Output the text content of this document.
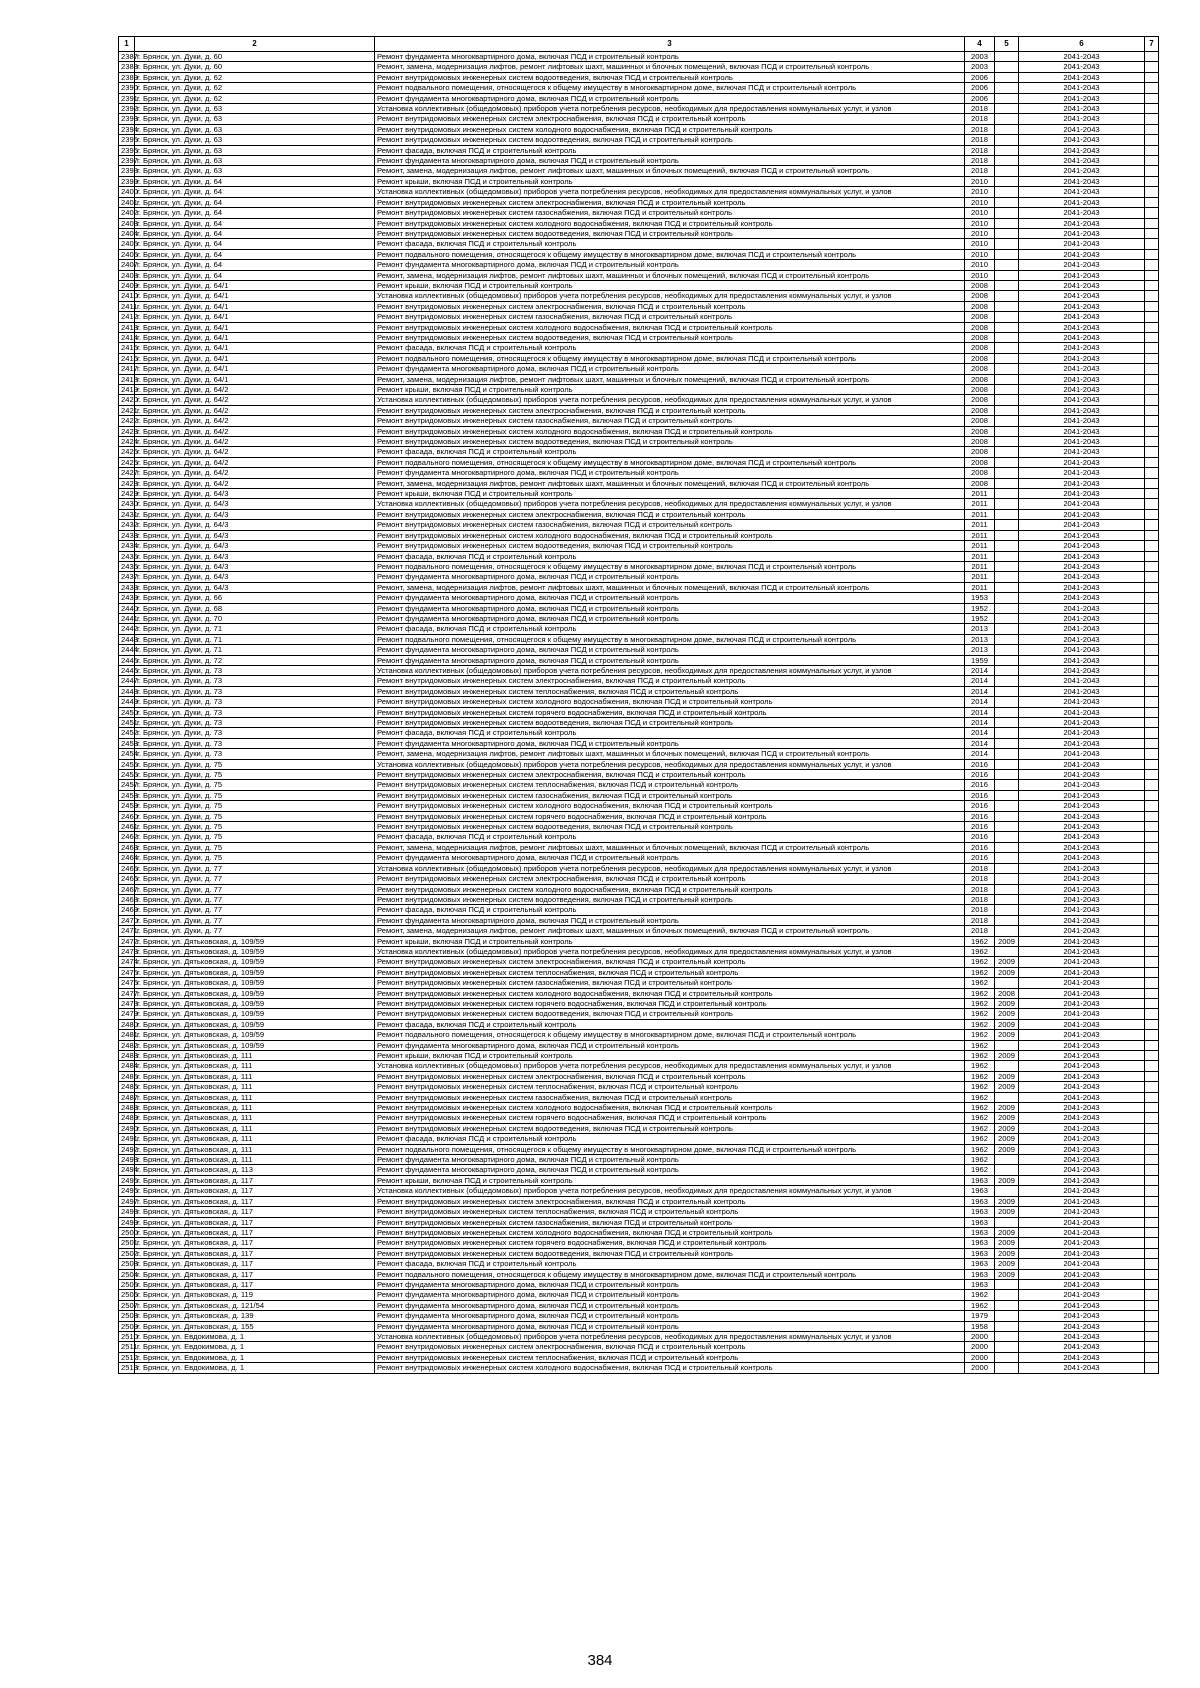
1	2	3	4	5	6	7
2387	г. Брянск, ул. Дуки, д. 60	Ремонт фундамента многоквартирного дома, включая ПСД и строительный контроль	2003		2041-2043	
2388	г. Брянск, ул. Дуки, д. 60	Ремонт, замена, модернизация лифтов, ремонт лифтовых шахт, машинных и блочных помещений, включая ПСД и строительный контроль	2003		2041-2043	
2389	г. Брянск, ул. Дуки, д. 62	Ремонт внутридомовых инженерных систем водоотведения, включая ПСД и строительный контроль	2006		2041-2043	
2390	г. Брянск, ул. Дуки, д. 62	Ремонт подвального помещения, относящегося к общему имуществу в многоквартирном доме, включая ПСД и строительный контроль	2006		2041-2043	
2391	г. Брянск, ул. Дуки, д. 62	Ремонт фундамента многоквартирного дома, включая ПСД и строительный контроль	2006		2041-2043	
2392	г. Брянск, ул. Дуки, д. 63	Установка коллективных (общедомовых) приборов учета потребления ресурсов, необходимых для предоставления коммунальных услуг, и узлов	2018		2041-2043	
2393	г. Брянск, ул. Дуки, д. 63	Ремонт внутридомовых инженерных систем электроснабжения, включая ПСД и строительный контроль	2018		2041-2043	
2394	г. Брянск, ул. Дуки, д. 63	Ремонт внутридомовых инженерных систем холодного водоснабжения, включая ПСД и строительный контроль	2018		2041-2043	
2395	г. Брянск, ул. Дуки, д. 63	Ремонт внутридомовых инженерных систем водоотведения, включая ПСД и строительный контроль	2018		2041-2043	
2396	г. Брянск, ул. Дуки, д. 63	Ремонт фасада, включая ПСД и строительный контроль	2018		2041-2043	
2397	г. Брянск, ул. Дуки, д. 63	Ремонт фундамента многоквартирного дома, включая ПСД и строительный контроль	2018		2041-2043	
2398	г. Брянск, ул. Дуки, д. 63	Ремонт, замена, модернизация лифтов, ремонт лифтовых шахт, машинных и блочных помещений, включая ПСД и строительный контроль	2018		2041-2043	
2399	г. Брянск, ул. Дуки, д. 64	Ремонт крыши, включая ПСД и строительный контроль	2010		2041-2043	
2400	г. Брянск, ул. Дуки, д. 64	Установка коллективных (общедомовых) приборов учета потребления ресурсов, необходимых для предоставления коммунальных услуг, и узлов	2010		2041-2043	
2401	г. Брянск, ул. Дуки, д. 64	Ремонт внутридомовых инженерных систем электроснабжения, включая ПСД и строительный контроль	2010		2041-2043	
2402	г. Брянск, ул. Дуки, д. 64	Ремонт внутридомовых инженерных систем газоснабжения, включая ПСД и строительный контроль	2010		2041-2043	
2403	г. Брянск, ул. Дуки, д. 64	Ремонт внутридомовых инженерных систем холодного водоснабжения, включая ПСД и строительный контроль	2010		2041-2043	
2404	г. Брянск, ул. Дуки, д. 64	Ремонт внутридомовых инженерных систем водоотведения, включая ПСД и строительный контроль	2010		2041-2043	
2405	г. Брянск, ул. Дуки, д. 64	Ремонт фасада, включая ПСД и строительный контроль	2010		2041-2043	
2406	г. Брянск, ул. Дуки, д. 64	Ремонт подвального помещения, относящегося к общему имуществу в многоквартирном доме, включая ПСД и строительный контроль	2010		2041-2043	
2407	г. Брянск, ул. Дуки, д. 64	Ремонт фундамента многоквартирного дома, включая ПСД и строительный контроль	2010		2041-2043	
2408	г. Брянск, ул. Дуки, д. 64	Ремонт, замена, модернизация лифтов, ремонт лифтовых шахт, машинных и блочных помещений, включая ПСД и строительный контроль	2010		2041-2043	
2409	г. Брянск, ул. Дуки, д. 64/1	Ремонт крыши, включая ПСД и строительный контроль	2008		2041-2043	
2410	г. Брянск, ул. Дуки, д. 64/1	Установка коллективных (общедомовых) приборов учета потребления ресурсов, необходимых для предоставления коммунальных услуг, и узлов	2008		2041-2043	
2411	г. Брянск, ул. Дуки, д. 64/1	Ремонт внутридомовых инженерных систем электроснабжения, включая ПСД и строительный контроль	2008		2041-2043	
2412	г. Брянск, ул. Дуки, д. 64/1	Ремонт внутридомовых инженерных систем газоснабжения, включая ПСД и строительный контроль	2008		2041-2043	
2413	г. Брянск, ул. Дуки, д. 64/1	Ремонт внутридомовых инженерных систем холодного водоснабжения, включая ПСД и строительный контроль	2008		2041-2043	
2414	г. Брянск, ул. Дуки, д. 64/1	Ремонт внутридомовых инженерных систем водоотведения, включая ПСД и строительный контроль	2008		2041-2043	
2415	г. Брянск, ул. Дуки, д. 64/1	Ремонт фасада, включая ПСД и строительный контроль	2008		2041-2043	
2416	г. Брянск, ул. Дуки, д. 64/1	Ремонт подвального помещения, относящегося к общему имуществу в многоквартирном доме, включая ПСД и строительный контроль	2008		2041-2043	
2417	г. Брянск, ул. Дуки, д. 64/1	Ремонт фундамента многоквартирного дома, включая ПСД и строительный контроль	2008		2041-2043	
2418	г. Брянск, ул. Дуки, д. 64/1	Ремонт, замена, модернизация лифтов, ремонт лифтовых шахт, машинных и блочных помещений, включая ПСД и строительный контроль	2008		2041-2043	
2419	г. Брянск, ул. Дуки, д. 64/2	Ремонт крыши, включая ПСД и строительный контроль	2008		2041-2043	
2420	г. Брянск, ул. Дуки, д. 64/2	Установка коллективных (общедомовых) приборов учета потребления ресурсов, необходимых для предоставления коммунальных услуг, и узлов	2008		2041-2043	
2421	г. Брянск, ул. Дуки, д. 64/2	Ремонт внутридомовых инженерных систем электроснабжения, включая ПСД и строительный контроль	2008		2041-2043	
2422	г. Брянск, ул. Дуки, д. 64/2	Ремонт внутридомовых инженерных систем газоснабжения, включая ПСД и строительный контроль	2008		2041-2043	
2423	г. Брянск, ул. Дуки, д. 64/2	Ремонт внутридомовых инженерных систем холодного водоснабжения, включая ПСД и строительный контроль	2008		2041-2043	
2424	г. Брянск, ул. Дуки, д. 64/2	Ремонт внутридомовых инженерных систем водоотведения, включая ПСД и строительный контроль	2008		2041-2043	
2425	г. Брянск, ул. Дуки, д. 64/2	Ремонт фасада, включая ПСД и строительный контроль	2008		2041-2043	
2426	г. Брянск, ул. Дуки, д. 64/2	Ремонт подвального помещения, относящегося к общему имуществу в многоквартирном доме, включая ПСД и строительный контроль	2008		2041-2043	
2427	г. Брянск, ул. Дуки, д. 64/2	Ремонт фундамента многоквартирного дома, включая ПСД и строительный контроль	2008		2041-2043	
2428	г. Брянск, ул. Дуки, д. 64/2	Ремонт, замена, модернизация лифтов, ремонт лифтовых шахт, машинных и блочных помещений, включая ПСД и строительный контроль	2008		2041-2043	
2429	г. Брянск, ул. Дуки, д. 64/3	Ремонт крыши, включая ПСД и строительный контроль	2011		2041-2043	
2430	г. Брянск, ул. Дуки, д. 64/3	Установка коллективных (общедомовых) приборов учета потребления ресурсов, необходимых для предоставления коммунальных услуг, и узлов	2011		2041-2043	
2431	г. Брянск, ул. Дуки, д. 64/3	Ремонт внутридомовых инженерных систем электроснабжения, включая ПСД и строительный контроль	2011		2041-2043	
2432	г. Брянск, ул. Дуки, д. 64/3	Ремонт внутридомовых инженерных систем газоснабжения, включая ПСД и строительный контроль	2011		2041-2043	
2433	г. Брянск, ул. Дуки, д. 64/3	Ремонт внутридомовых инженерных систем холодного водоснабжения, включая ПСД и строительный контроль	2011		2041-2043	
2434	г. Брянск, ул. Дуки, д. 64/3	Ремонт внутридомовых инженерных систем водоотведения, включая ПСД и строительный контроль	2011		2041-2043	
2435	г. Брянск, ул. Дуки, д. 64/3	Ремонт фасада, включая ПСД и строительный контроль	2011		2041-2043	
2436	г. Брянск, ул. Дуки, д. 64/3	Ремонт подвального помещения, относящегося к общему имуществу в многоквартирном доме, включая ПСД и строительный контроль	2011		2041-2043	
2437	г. Брянск, ул. Дуки, д. 64/3	Ремонт фундамента многоквартирного дома, включая ПСД и строительный контроль	2011		2041-2043	
2438	г. Брянск, ул. Дуки, д. 64/3	Ремонт, замена, модернизация лифтов, ремонт лифтовых шахт, машинных и блочных помещений, включая ПСД и строительный контроль	2011		2041-2043	
2439	г. Брянск, ул. Дуки, д. 66	Ремонт фундамента многоквартирного дома, включая ПСД и строительный контроль	1953		2041-2043	
2440	г. Брянск, ул. Дуки, д. 68	Ремонт фундамента многоквартирного дома, включая ПСД и строительный контроль	1952		2041-2043	
2441	г. Брянск, ул. Дуки, д. 70	Ремонт фундамента многоквартирного дома, включая ПСД и строительный контроль	1952		2041-2043	
2442	г. Брянск, ул. Дуки, д. 71	Ремонт фасада, включая ПСД и строительный контроль	2013		2041-2043	
2443	г. Брянск, ул. Дуки, д. 71	Ремонт подвального помещения, относящегося к общему имуществу в многоквартирном доме, включая ПСД и строительный контроль	2013		2041-2043	
2444	г. Брянск, ул. Дуки, д. 71	Ремонт фундамента многоквартирного дома, включая ПСД и строительный контроль	2013		2041-2043	
2445	г. Брянск, ул. Дуки, д. 72	Ремонт фундамента многоквартирного дома, включая ПСД и строительный контроль	1959		2041-2043	
2446	г. Брянск, ул. Дуки, д. 73	Установка коллективных (общедомовых) приборов учета потребления ресурсов, необходимых для предоставления коммунальных услуг, и узлов	2014		2041-2043	
2447	г. Брянск, ул. Дуки, д. 73	Ремонт внутридомовых инженерных систем электроснабжения, включая ПСД и строительный контроль	2014		2041-2043	
2448	г. Брянск, ул. Дуки, д. 73	Ремонт внутридомовых инженерных систем теплоснабжения, включая ПСД и строительный контроль	2014		2041-2043	
2449	г. Брянск, ул. Дуки, д. 73	Ремонт внутридомовых инженерных систем холодного водоснабжения, включая ПСД и строительный контроль	2014		2041-2043	
2450	г. Брянск, ул. Дуки, д. 73	Ремонт внутридомовых инженерных систем горячего водоснабжения, включая ПСД и строительный контроль	2014		2041-2043	
2451	г. Брянск, ул. Дуки, д. 73	Ремонт внутридомовых инженерных систем водоотведения, включая ПСД и строительный контроль	2014		2041-2043	
2452	г. Брянск, ул. Дуки, д. 73	Ремонт фасада, включая ПСД и строительный контроль	2014		2041-2043	
2453	г. Брянск, ул. Дуки, д. 73	Ремонт фундамента многоквартирного дома, включая ПСД и строительный контроль	2014		2041-2043	
2454	г. Брянск, ул. Дуки, д. 73	Ремонт, замена, модернизация лифтов, ремонт лифтовых шахт, машинных и блочных помещений, включая ПСД и строительный контроль	2014		2041-2043	
2455	г. Брянск, ул. Дуки, д. 75	Установка коллективных (общедомовых) приборов учета потребления ресурсов, необходимых для предоставления коммунальных услуг, и узлов	2016		2041-2043	
2456	г. Брянск, ул. Дуки, д. 75	Ремонт внутридомовых инженерных систем электроснабжения, включая ПСД и строительный контроль	2016		2041-2043	
2457	г. Брянск, ул. Дуки, д. 75	Ремонт внутридомовых инженерных систем теплоснабжения, включая ПСД и строительный контроль	2016		2041-2043	
2458	г. Брянск, ул. Дуки, д. 75	Ремонт внутридомовых инженерных систем газоснабжения, включая ПСД и строительный контроль	2016		2041-2043	
2459	г. Брянск, ул. Дуки, д. 75	Ремонт внутридомовых инженерных систем холодного водоснабжения, включая ПСД и строительный контроль	2016		2041-2043	
2460	г. Брянск, ул. Дуки, д. 75	Ремонт внутридомовых инженерных систем горячего водоснабжения, включая ПСД и строительный контроль	2016		2041-2043	
2461	г. Брянск, ул. Дуки, д. 75	Ремонт внутридомовых инженерных систем водоотведения, включая ПСД и строительный контроль	2016		2041-2043	
2462	г. Брянск, ул. Дуки, д. 75	Ремонт фасада, включая ПСД и строительный контроль	2016		2041-2043	
2463	г. Брянск, ул. Дуки, д. 75	Ремонт, замена, модернизация лифтов, ремонт лифтовых шахт, машинных и блочных помещений, включая ПСД и строительный контроль	2016		2041-2043	
2464	г. Брянск, ул. Дуки, д. 75	Ремонт фундамента многоквартирного дома, включая ПСД и строительный контроль	2016		2041-2043	
2465	г. Брянск, ул. Дуки, д. 77	Установка коллективных (общедомовых) приборов учета потребления ресурсов, необходимых для предоставления коммунальных услуг, и узлов	2018		2041-2043	
2466	г. Брянск, ул. Дуки, д. 77	Ремонт внутридомовых инженерных систем электроснабжения, включая ПСД и строительный контроль	2018		2041-2043	
2467	г. Брянск, ул. Дуки, д. 77	Ремонт внутридомовых инженерных систем холодного водоснабжения, включая ПСД и строительный контроль	2018		2041-2043	
2468	г. Брянск, ул. Дуки, д. 77	Ремонт внутридомовых инженерных систем водоотведения, включая ПСД и строительный контроль	2018		2041-2043	
2469	г. Брянск, ул. Дуки, д. 77	Ремонт фасада, включая ПСД и строительный контроль	2018		2041-2043	
2470	г. Брянск, ул. Дуки, д. 77	Ремонт фундамента многоквартирного дома, включая ПСД и строительный контроль	2018		2041-2043	
2471	г. Брянск, ул. Дуки, д. 77	Ремонт, замена, модернизация лифтов, ремонт лифтовых шахт, машинных и блочных помещений, включая ПСД и строительный контроль	2018		2041-2043	
2472	г. Брянск, ул. Дятьковская, д. 109/59	Ремонт крыши, включая ПСД и строительный контроль	1962	2009	2041-2043	
2473	г. Брянск, ул. Дятьковская, д. 109/59	Установка коллективных (общедомовых) приборов учета потребления ресурсов, необходимых для предоставления коммунальных услуг, и узлов	1962		2041-2043	
2474	г. Брянск, ул. Дятьковская, д. 109/59	Ремонт внутридомовых инженерных систем электроснабжения, включая ПСД и строительный контроль	1962	2009	2041-2043	
2475	г. Брянск, ул. Дятьковская, д. 109/59	Ремонт внутридомовых инженерных систем теплоснабжения, включая ПСД и строительный контроль	1962	2009	2041-2043	
2476	г. Брянск, ул. Дятьковская, д. 109/59	Ремонт внутридомовых инженерных систем газоснабжения, включая ПСД и строительный контроль	1962		2041-2043	
2477	г. Брянск, ул. Дятьковская, д. 109/59	Ремонт внутридомовых инженерных систем холодного водоснабжения, включая ПСД и строительный контроль	1962	2008	2041-2043	
2478	г. Брянск, ул. Дятьковская, д. 109/59	Ремонт внутридомовых инженерных систем горячего водоснабжения, включая ПСД и строительный контроль	1962	2009	2041-2043	
2479	г. Брянск, ул. Дятьковская, д. 109/59	Ремонт внутридомовых инженерных систем водоотведения, включая ПСД и строительный контроль	1962	2009	2041-2043	
2480	г. Брянск, ул. Дятьковская, д. 109/59	Ремонт фасада, включая ПСД и строительный контроль	1962	2009	2041-2043	
2481	г. Брянск, ул. Дятьковская, д. 109/59	Ремонт подвального помещения, относящегося к общему имуществу в многоквартирном доме, включая ПСД и строительный контроль	1962	2009	2041-2043	
2482	г. Брянск, ул. Дятьковская, д. 109/59	Ремонт фундамента многоквартирного дома, включая ПСД и строительный контроль	1962		2041-2043	
2483	г. Брянск, ул. Дятьковская, д. 111	Ремонт крыши, включая ПСД и строительный контроль	1962	2009	2041-2043	
2484	г. Брянск, ул. Дятьковская, д. 111	Установка коллективных (общедомовых) приборов учета потребления ресурсов, необходимых для предоставления коммунальных услуг, и узлов	1962		2041-2043	
2485	г. Брянск, ул. Дятьковская, д. 111	Ремонт внутридомовых инженерных систем электроснабжения, включая ПСД и строительный контроль	1962	2009	2041-2043	
2486	г. Брянск, ул. Дятьковская, д. 111	Ремонт внутридомовых инженерных систем теплоснабжения, включая ПСД и строительный контроль	1962	2009	2041-2043	
2487	г. Брянск, ул. Дятьковская, д. 111	Ремонт внутридомовых инженерных систем газоснабжения, включая ПСД и строительный контроль	1962		2041-2043	
2488	г. Брянск, ул. Дятьковская, д. 111	Ремонт внутридомовых инженерных систем холодного водоснабжения, включая ПСД и строительный контроль	1962	2009	2041-2043	
2489	г. Брянск, ул. Дятьковская, д. 111	Ремонт внутридомовых инженерных систем горячего водоснабжения, включая ПСД и строительный контроль	1962	2009	2041-2043	
2490	г. Брянск, ул. Дятьковская, д. 111	Ремонт внутридомовых инженерных систем водоотведения, включая ПСД и строительный контроль	1962	2009	2041-2043	
2491	г. Брянск, ул. Дятьковская, д. 111	Ремонт фасада, включая ПСД и строительный контроль	1962	2009	2041-2043	
2492	г. Брянск, ул. Дятьковская, д. 111	Ремонт подвального помещения, относящегося к общему имуществу в многоквартирном доме, включая ПСД и строительный контроль	1962	2009	2041-2043	
2493	г. Брянск, ул. Дятьковская, д. 111	Ремонт фундамента многоквартирного дома, включая ПСД и строительный контроль	1962		2041-2043	
2494	г. Брянск, ул. Дятьковская, д. 113	Ремонт фундамента многоквартирного дома, включая ПСД и строительный контроль	1962		2041-2043	
2495	г. Брянск, ул. Дятьковская, д. 117	Ремонт крыши, включая ПСД и строительный контроль	1963	2009	2041-2043	
2496	г. Брянск, ул. Дятьковская, д. 117	Установка коллективных (общедомовых) приборов учета потребления ресурсов, необходимых для предоставления коммунальных услуг, и узлов	1963		2041-2043	
2497	г. Брянск, ул. Дятьковская, д. 117	Ремонт внутридомовых инженерных систем электроснабжения, включая ПСД и строительный контроль	1963	2009	2041-2043	
2498	г. Брянск, ул. Дятьковская, д. 117	Ремонт внутридомовых инженерных систем теплоснабжения, включая ПСД и строительный контроль	1963	2009	2041-2043	
2499	г. Брянск, ул. Дятьковская, д. 117	Ремонт внутридомовых инженерных систем газоснабжения, включая ПСД и строительный контроль	1963		2041-2043	
2500	г. Брянск, ул. Дятьковская, д. 117	Ремонт внутридомовых инженерных систем холодного водоснабжения, включая ПСД и строительный контроль	1963	2009	2041-2043	
2501	г. Брянск, ул. Дятьковская, д. 117	Ремонт внутридомовых инженерных систем горячего водоснабжения, включая ПСД и строительный контроль	1963	2009	2041-2043	
2502	г. Брянск, ул. Дятьковская, д. 117	Ремонт внутридомовых инженерных систем водоотведения, включая ПСД и строительный контроль	1963	2009	2041-2043	
2503	г. Брянск, ул. Дятьковская, д. 117	Ремонт фасада, включая ПСД и строительный контроль	1963	2009	2041-2043	
2504	г. Брянск, ул. Дятьковская, д. 117	Ремонт подвального помещения, относящегося к общему имуществу в многоквартирном доме, включая ПСД и строительный контроль	1963	2009	2041-2043	
2505	г. Брянск, ул. Дятьковская, д. 117	Ремонт фундамента многоквартирного дома, включая ПСД и строительный контроль	1963		2041-2043	
2506	г. Брянск, ул. Дятьковская, д. 119	Ремонт фундамента многоквартирного дома, включая ПСД и строительный контроль	1962		2041-2043	
2507	г. Брянск, ул. Дятьковская, д. 121/54	Ремонт фундамента многоквартирного дома, включая ПСД и строительный контроль	1962		2041-2043	
2508	г. Брянск, ул. Дятьковская, д. 139	Ремонт фундамента многоквартирного дома, включая ПСД и строительный контроль	1979		2041-2043	
2509	г. Брянск, ул. Дятьковская, д. 155	Ремонт фундамента многоквартирного дома, включая ПСД и строительный контроль	1958		2041-2043	
2510	г. Брянск, ул. Евдокимова, д. 1	Установка коллективных (общедомовых) приборов учета потребления ресурсов, необходимых для предоставления коммунальных услуг, и узлов	2000		2041-2043	
2511	г. Брянск, ул. Евдокимова, д. 1	Ремонт внутридомовых инженерных систем электроснабжения, включая ПСД и строительный контроль	2000		2041-2043	
2512	г. Брянск, ул. Евдокимова, д. 1	Ремонт внутридомовых инженерных систем теплоснабжения, включая ПСД и строительный контроль	2000		2041-2043	
2513	г. Брянск, ул. Евдокимова, д. 1	Ремонт внутридомовых инженерных систем холодного водоснабжения, включая ПСД и строительный контроль	2000		2041-2043	
384
